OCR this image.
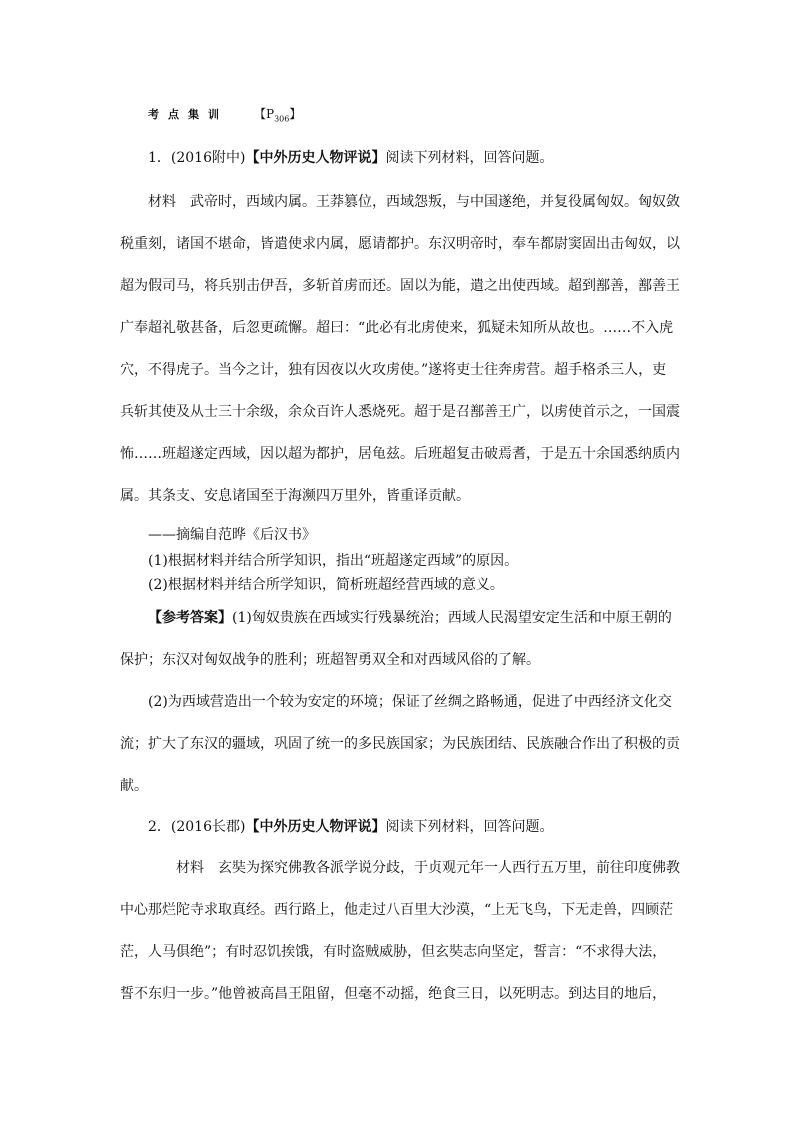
考点集训 【$P_{306}$】
1．(2016附中)【中外历史人物评说】阅读下列材料，回答问题。
材料　武帝时，西域内属。王莽篡位，西域怨叛，与中国遂绝，并复役属匈奴。匈奴敛
税重刻，诸国不堪命，皆遣使求内属，愿请都护。东汉明帝时，奉车都尉窦固出击匈奴，以
超为假司马，将兵别击伊吾，多斩首虏而还。固以为能，遣之出使西域。超到鄯善，鄯善王
广奉超礼敬甚备，后忽更疏懈。超曰：“此必有北虏使来，狐疑未知所从故也。……不入虎
穴，不得虎子。当今之计，独有因夜以火攻虏使。”遂将吏士往奔虏营。超手格杀三人，吏
兵斩其使及从士三十余级，余众百许人悉烧死。超于是召鄯善王广，以虏使首示之，一国震
怖……班超遂定西域，因以超为都护，居龟兹。后班超复击破焉耆，于是五十余国悉纳质内
属。其条支、安息诸国至于海濒四万里外，皆重译贡献。
——摘编自范晔《后汉书》
(1)根据材料并结合所学知识，指出“班超遂定西域”的原因。
(2)根据材料并结合所学知识，简析班超经营西域的意义。
【参考答案】(1)匈奴贵族在西域实行残暴统治；西域人民渴望安定生活和中原王朝的
保护；东汉对匈奴战争的胜利；班超智勇双全和对西域风俗的了解。
(2)为西域营造出一个较为安定的环境；保证了丝绸之路畅通，促进了中西经济文化交
流；扩大了东汉的疆域，巩固了统一的多民族国家；为民族团结、民族融合作出了积极的贡
献。
2．(2016长郡)【中外历史人物评说】阅读下列材料，回答问题。
材料　玄奘为探究佛教各派学说分歧，于贞观元年一人西行五万里，前往印度佛教
中心那烂陀寺求取真经。西行路上，他走过八百里大沙漠，“上无飞鸟，下无走兽，四顾茫
茫，人马俱绝”；有时忍饥挨饿，有时盗贼威胁，但玄奘志向坚定，誓言：“不求得大法，
誓不东归一步。”他曾被高昌王阻留，但毫不动摇，绝食三日，以死明志。到达目的地后，
